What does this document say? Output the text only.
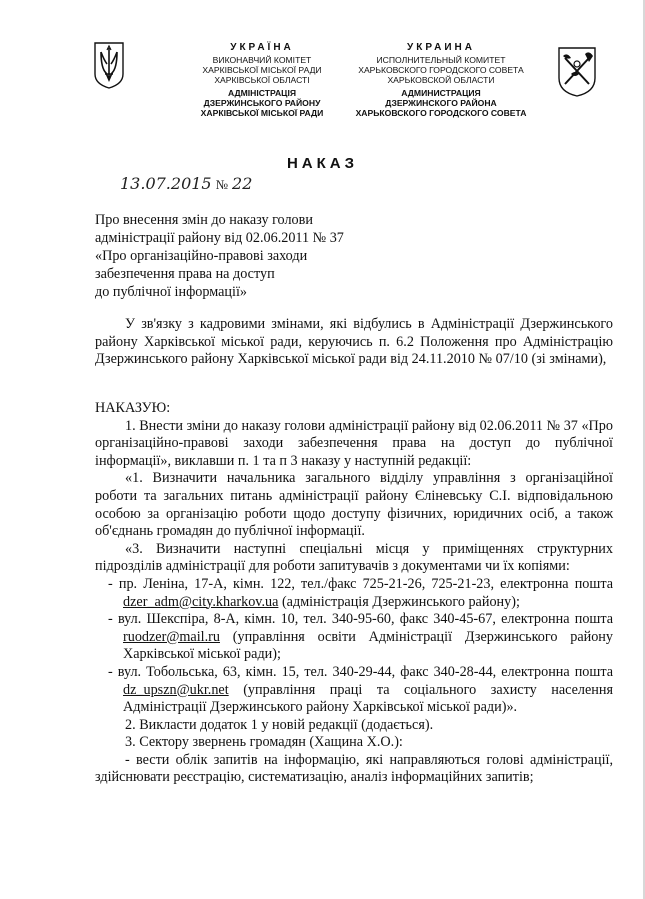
УКРАЇНА
ВИКОНАВЧИЙ КОМІТЕТ
ХАРКІВСЬКОЇ МІСЬКОЇ РАДИ
ХАРКІВСЬКОЇ ОБЛАСТІ
АДМІНІСТРАЦІЯ
ДЗЕРЖИНСЬКОГО РАЙОНУ
ХАРКІВСЬКОЇ МІСЬКОЇ РАДИ
УКРАИНА
ИСПОЛНИТЕЛЬНЫЙ КОМИТЕТ
ХАРЬКОВСКОГО ГОРОДСКОГО СОВЕТА
ХАРЬКОВСКОЙ ОБЛАСТИ
АДМИНИСТРАЦИЯ
ДЗЕРЖИНСКОГО РАЙОНА
ХАРЬКОВСКОГО ГОРОДСКОГО СОВЕТА
НАКАЗ
13.07.2015 № 22
Про внесення змін до наказу голови
адміністрації району від 02.06.2011 № 37
«Про організаційно-правові заходи
забезпечення права на доступ
до публічної інформації»

У зв'язку з кадровими змінами, які відбулись в Адміністрації Дзержинського району Харківської міської ради, керуючись п. 6.2 Положення про Адміністрацію Дзержинського району Харківської міської ради від 24.11.2010 № 07/10 (зі змінами),

НАКАЗУЮ:

1. Внести зміни до наказу голови адміністрації району від 02.06.2011 № 37 «Про організаційно-правові заходи забезпечення права на доступ до публічної інформації», виклавши п. 1 та п 3 наказу у наступній редакції:

«1. Визначити начальника загального відділу управління з організаційної роботи та загальних питань адміністрації району Єліневську С.І. відповідальною особою за організацію роботи щодо доступу фізичних, юридичних осіб, а також об'єднань громадян до публічної інформації.

«3. Визначити наступні спеціальні місця у приміщеннях структурних підрозділів адміністрації для роботи запитувачів з документами чи їх копіями:

- пр. Леніна, 17-А, кімн. 122, тел./факс 725-21-26, 725-21-23, електронна пошта dzer_adm@city.kharkov.ua (адміністрація Дзержинського району);

- вул. Шекспіра, 8-А, кімн. 10, тел. 340-95-60, факс 340-45-67, електронна пошта ruodzer@mail.ru (управління освіти Адміністрації Дзержинського району Харківської міської ради);

- вул. Тобольська, 63, кімн. 15, тел. 340-29-44, факс 340-28-44, електронна пошта dz_upszn@ukr.net (управління праці та соціального захисту населення Адміністрації Дзержинського району Харківської міської ради)».

2. Викласти додаток 1 у новій редакції (додається).

3. Сектору звернень громадян (Хащина Х.О.):

- вести облік запитів на інформацію, які направляються голові адміністрації, здійснювати реєстрацію, систематизацію, аналіз інформаційних запитів;
